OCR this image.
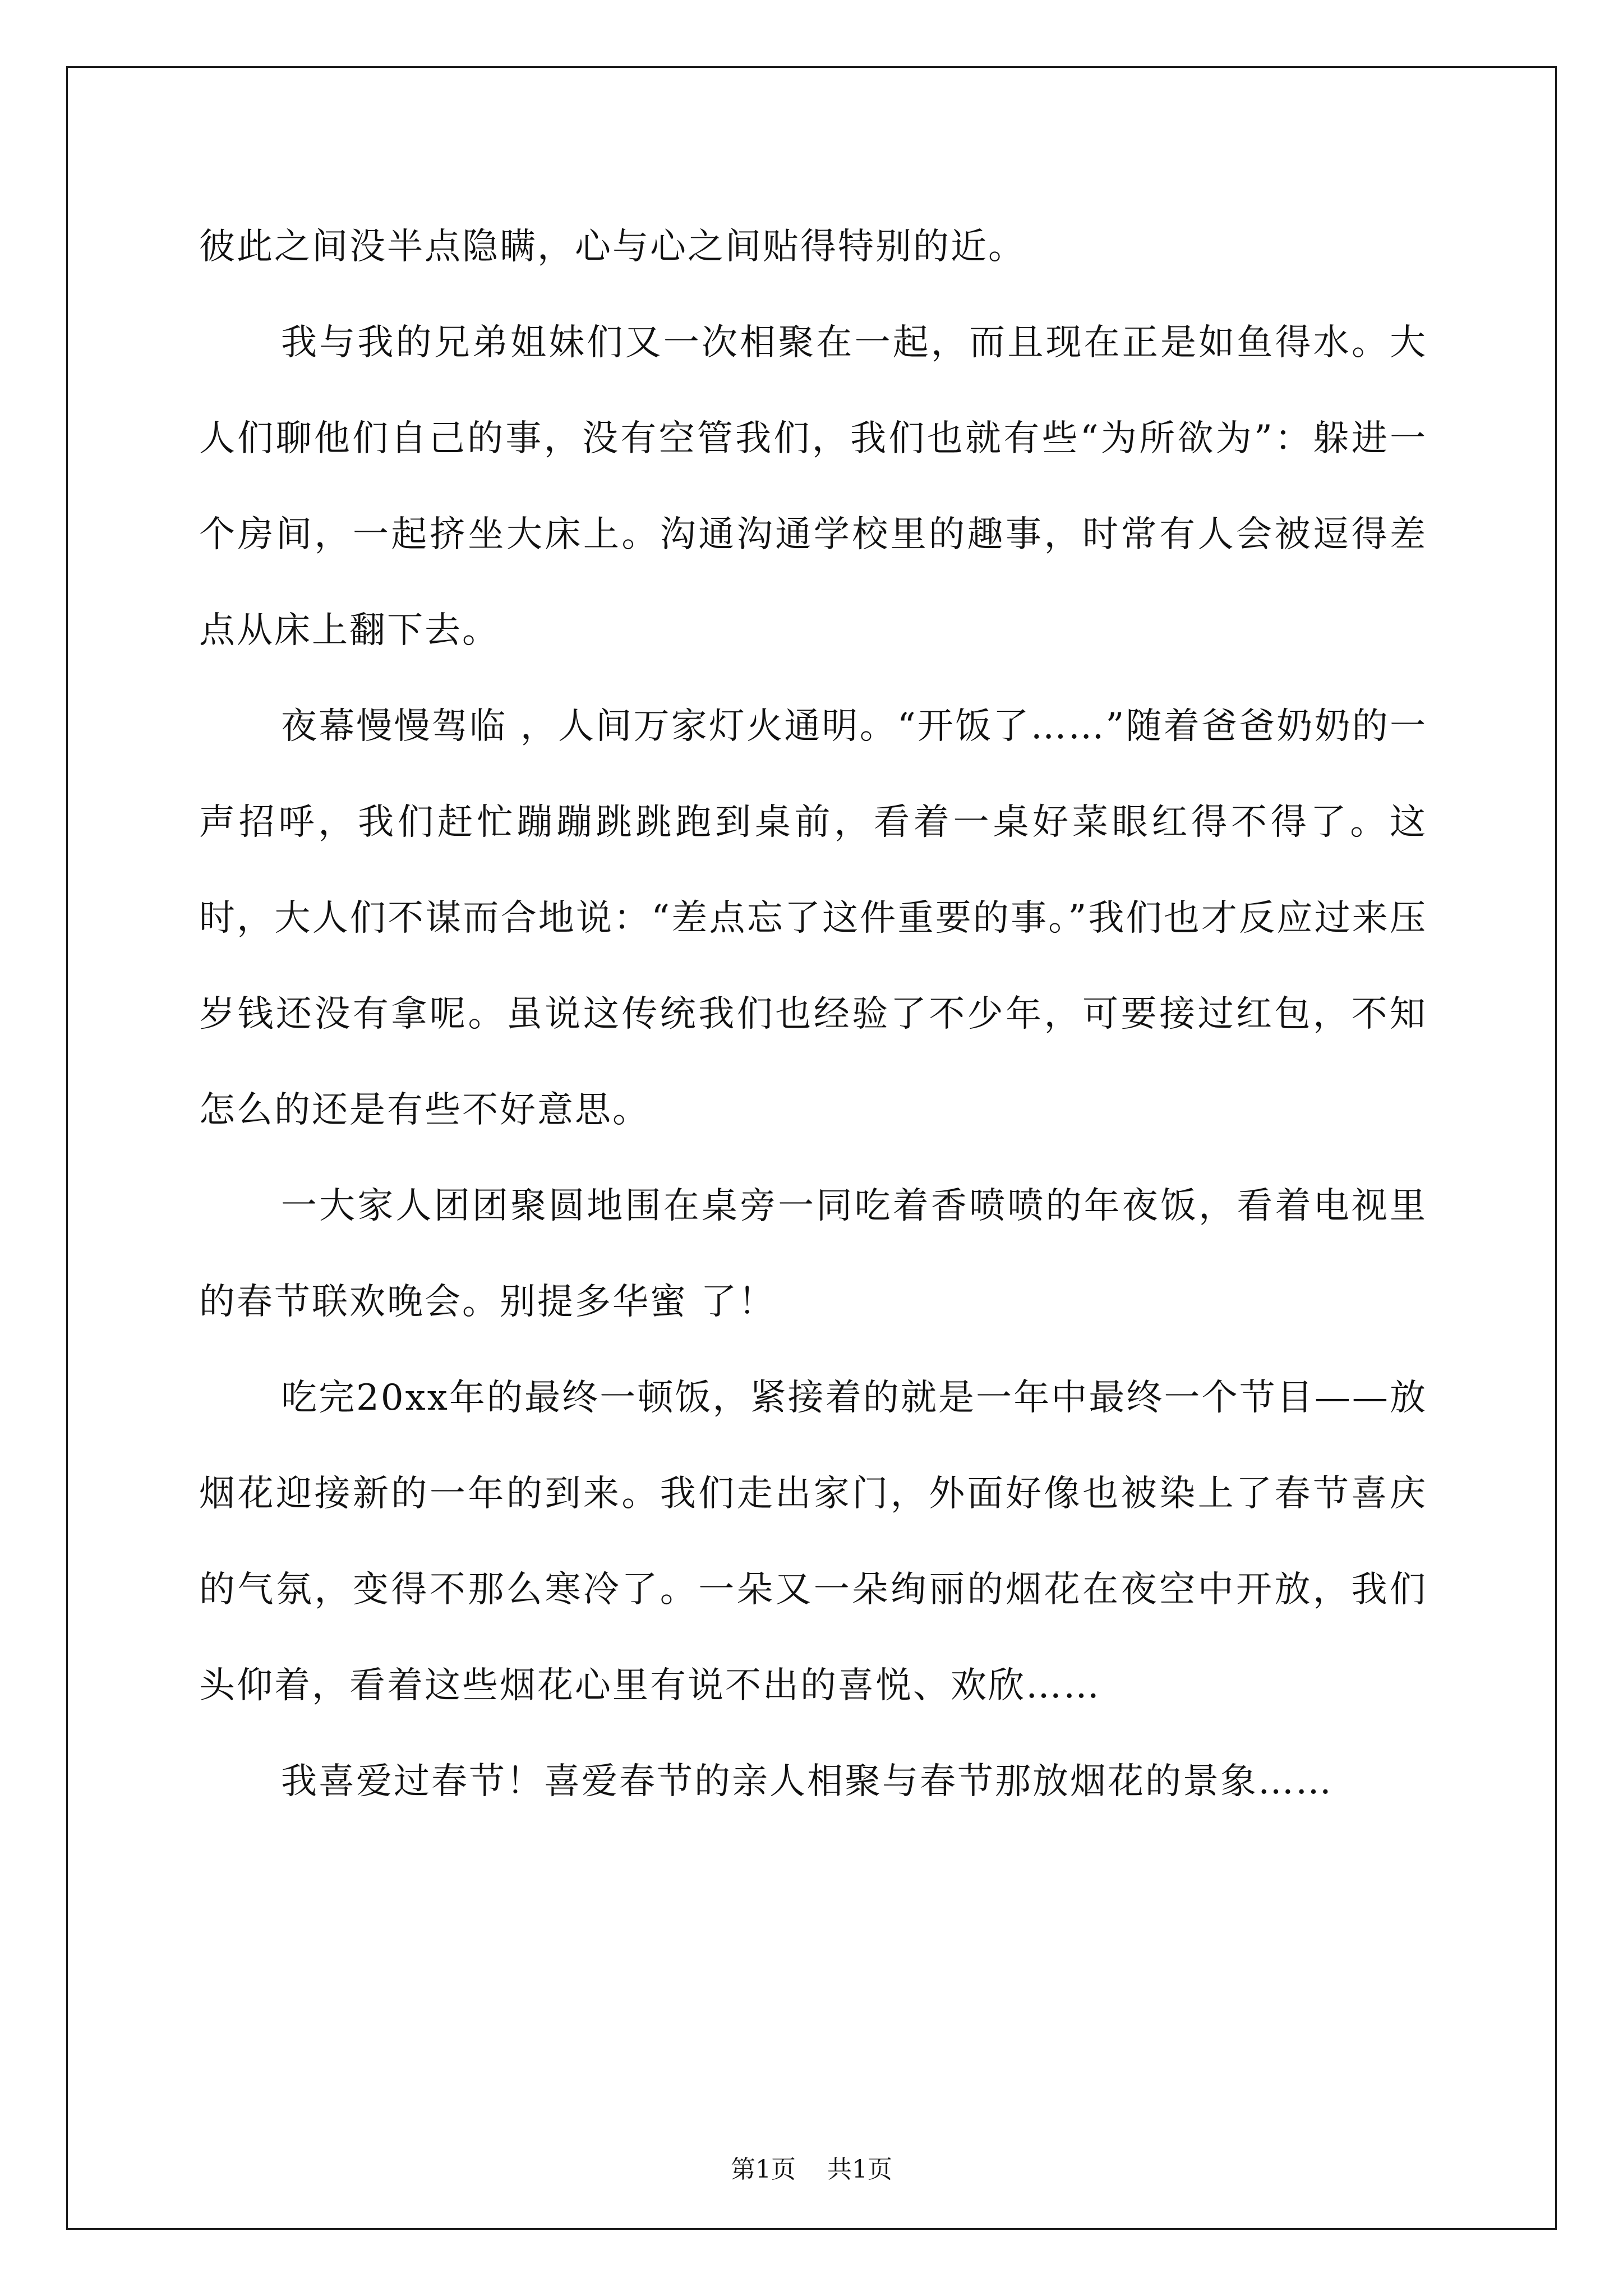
彼此之间没半点隐瞒，心与心之间贴得特别的近。

我与我的兄弟姐妹们又一次相聚在一起，而且现在正是如鱼得水。大人们聊他们自己的事，没有空管我们，我们也就有些“为所欲为”：躲进一个房间，一起挤坐大床上。沟通沟通学校里的趣事，时常有人会被逗得差点从床上翻下去。

夜幕慢慢驾临 ，人间万家灯火通明。“开饭了……”随着爸爸奶奶的一声招呼，我们赶忙蹦蹦跳跳跑到桌前，看着一桌好菜眼红得不得了。这时，大人们不谋而合地说：“差点忘了这件重要的事。”我们也才反应过来压岁钱还没有拿呢。虽说这传统我们也经验了不少年，可要接过红包，不知怎么的还是有些不好意思。

一大家人团团聚圆地围在桌旁一同吃着香喷喷的年夜饭，看着电视里的春节联欢晚会。别提多华蜜 了！

吃完20xx年的最终一顿饭，紧接着的就是一年中最终一个节目——放烟花迎接新的一年的到来。我们走出家门，外面好像也被染上了春节喜庆的气氛，变得不那么寒冷了。一朵又一朵绚丽的烟花在夜空中开放，我们头仰着，看着这些烟花心里有说不出的喜悦、欢欣……

我喜爱过春节！喜爱春节的亲人相聚与春节那放烟花的景象……

第1页 共1页
